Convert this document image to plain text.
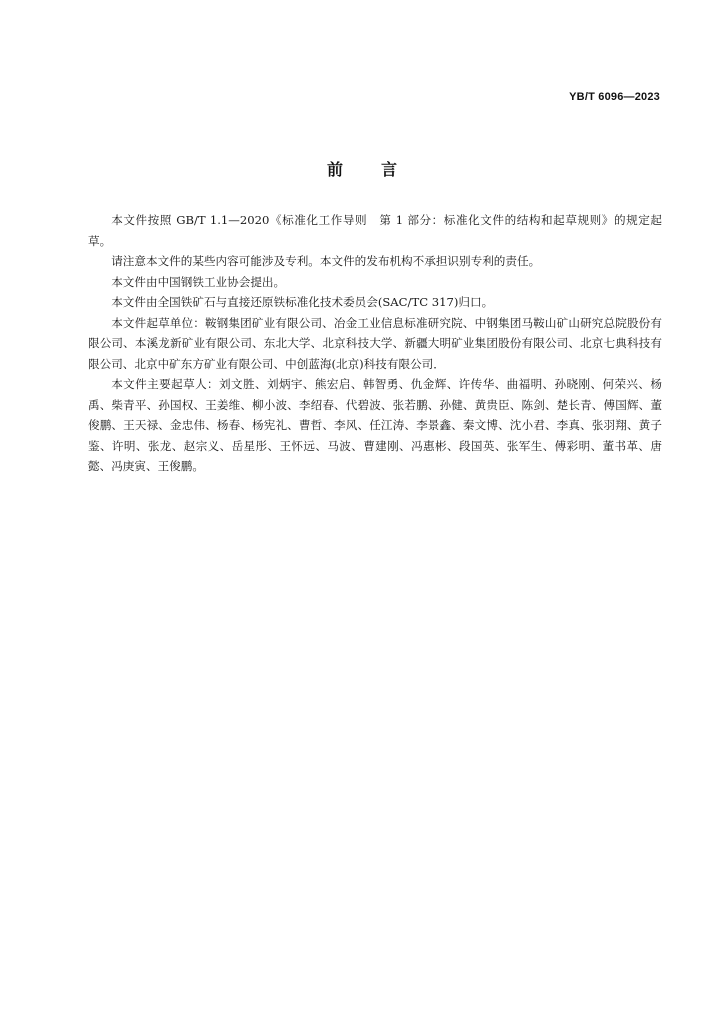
YB/T 6096—2023
前 言

本文件按照 GB/T 1.1—2020《标准化工作导则　第 1 部分：标准化文件的结构和起草规则》的规定起草。

请注意本文件的某些内容可能涉及专利。本文件的发布机构不承担识别专利的责任。

本文件由中国钢铁工业协会提出。

本文件由全国铁矿石与直接还原铁标准化技术委员会(SAC/TC 317)归口。

本文件起草单位：鞍钢集团矿业有限公司、冶金工业信息标准研究院、中钢集团马鞍山矿山研究总院股份有限公司、本溪龙新矿业有限公司、东北大学、北京科技大学、新疆大明矿业集团股份有限公司、北京七典科技有限公司、北京中矿东方矿业有限公司、中创蓝海(北京)科技有限公司．

本文件主要起草人：刘文胜、刘炳宇、熊宏启、韩智勇、仇金辉、许传华、曲福明、孙晓刚、何荣兴、杨禹、柴青平、孙国权、王姜维、柳小波、李绍春、代碧波、张若鹏、孙健、黄贵臣、陈剑、楚长青、傅国辉、董俊鹏、王天禄、金忠伟、杨春、杨宪礼、曹哲、李风、任江涛、李景鑫、秦文博、沈小君、李真、张羽翔、黄子鉴、许明、张龙、赵宗义、岳星彤、王怀远、马波、曹建刚、冯惠彬、段国英、张军生、傅彩明、董书革、唐懿、冯庚寅、王俊鹏。
